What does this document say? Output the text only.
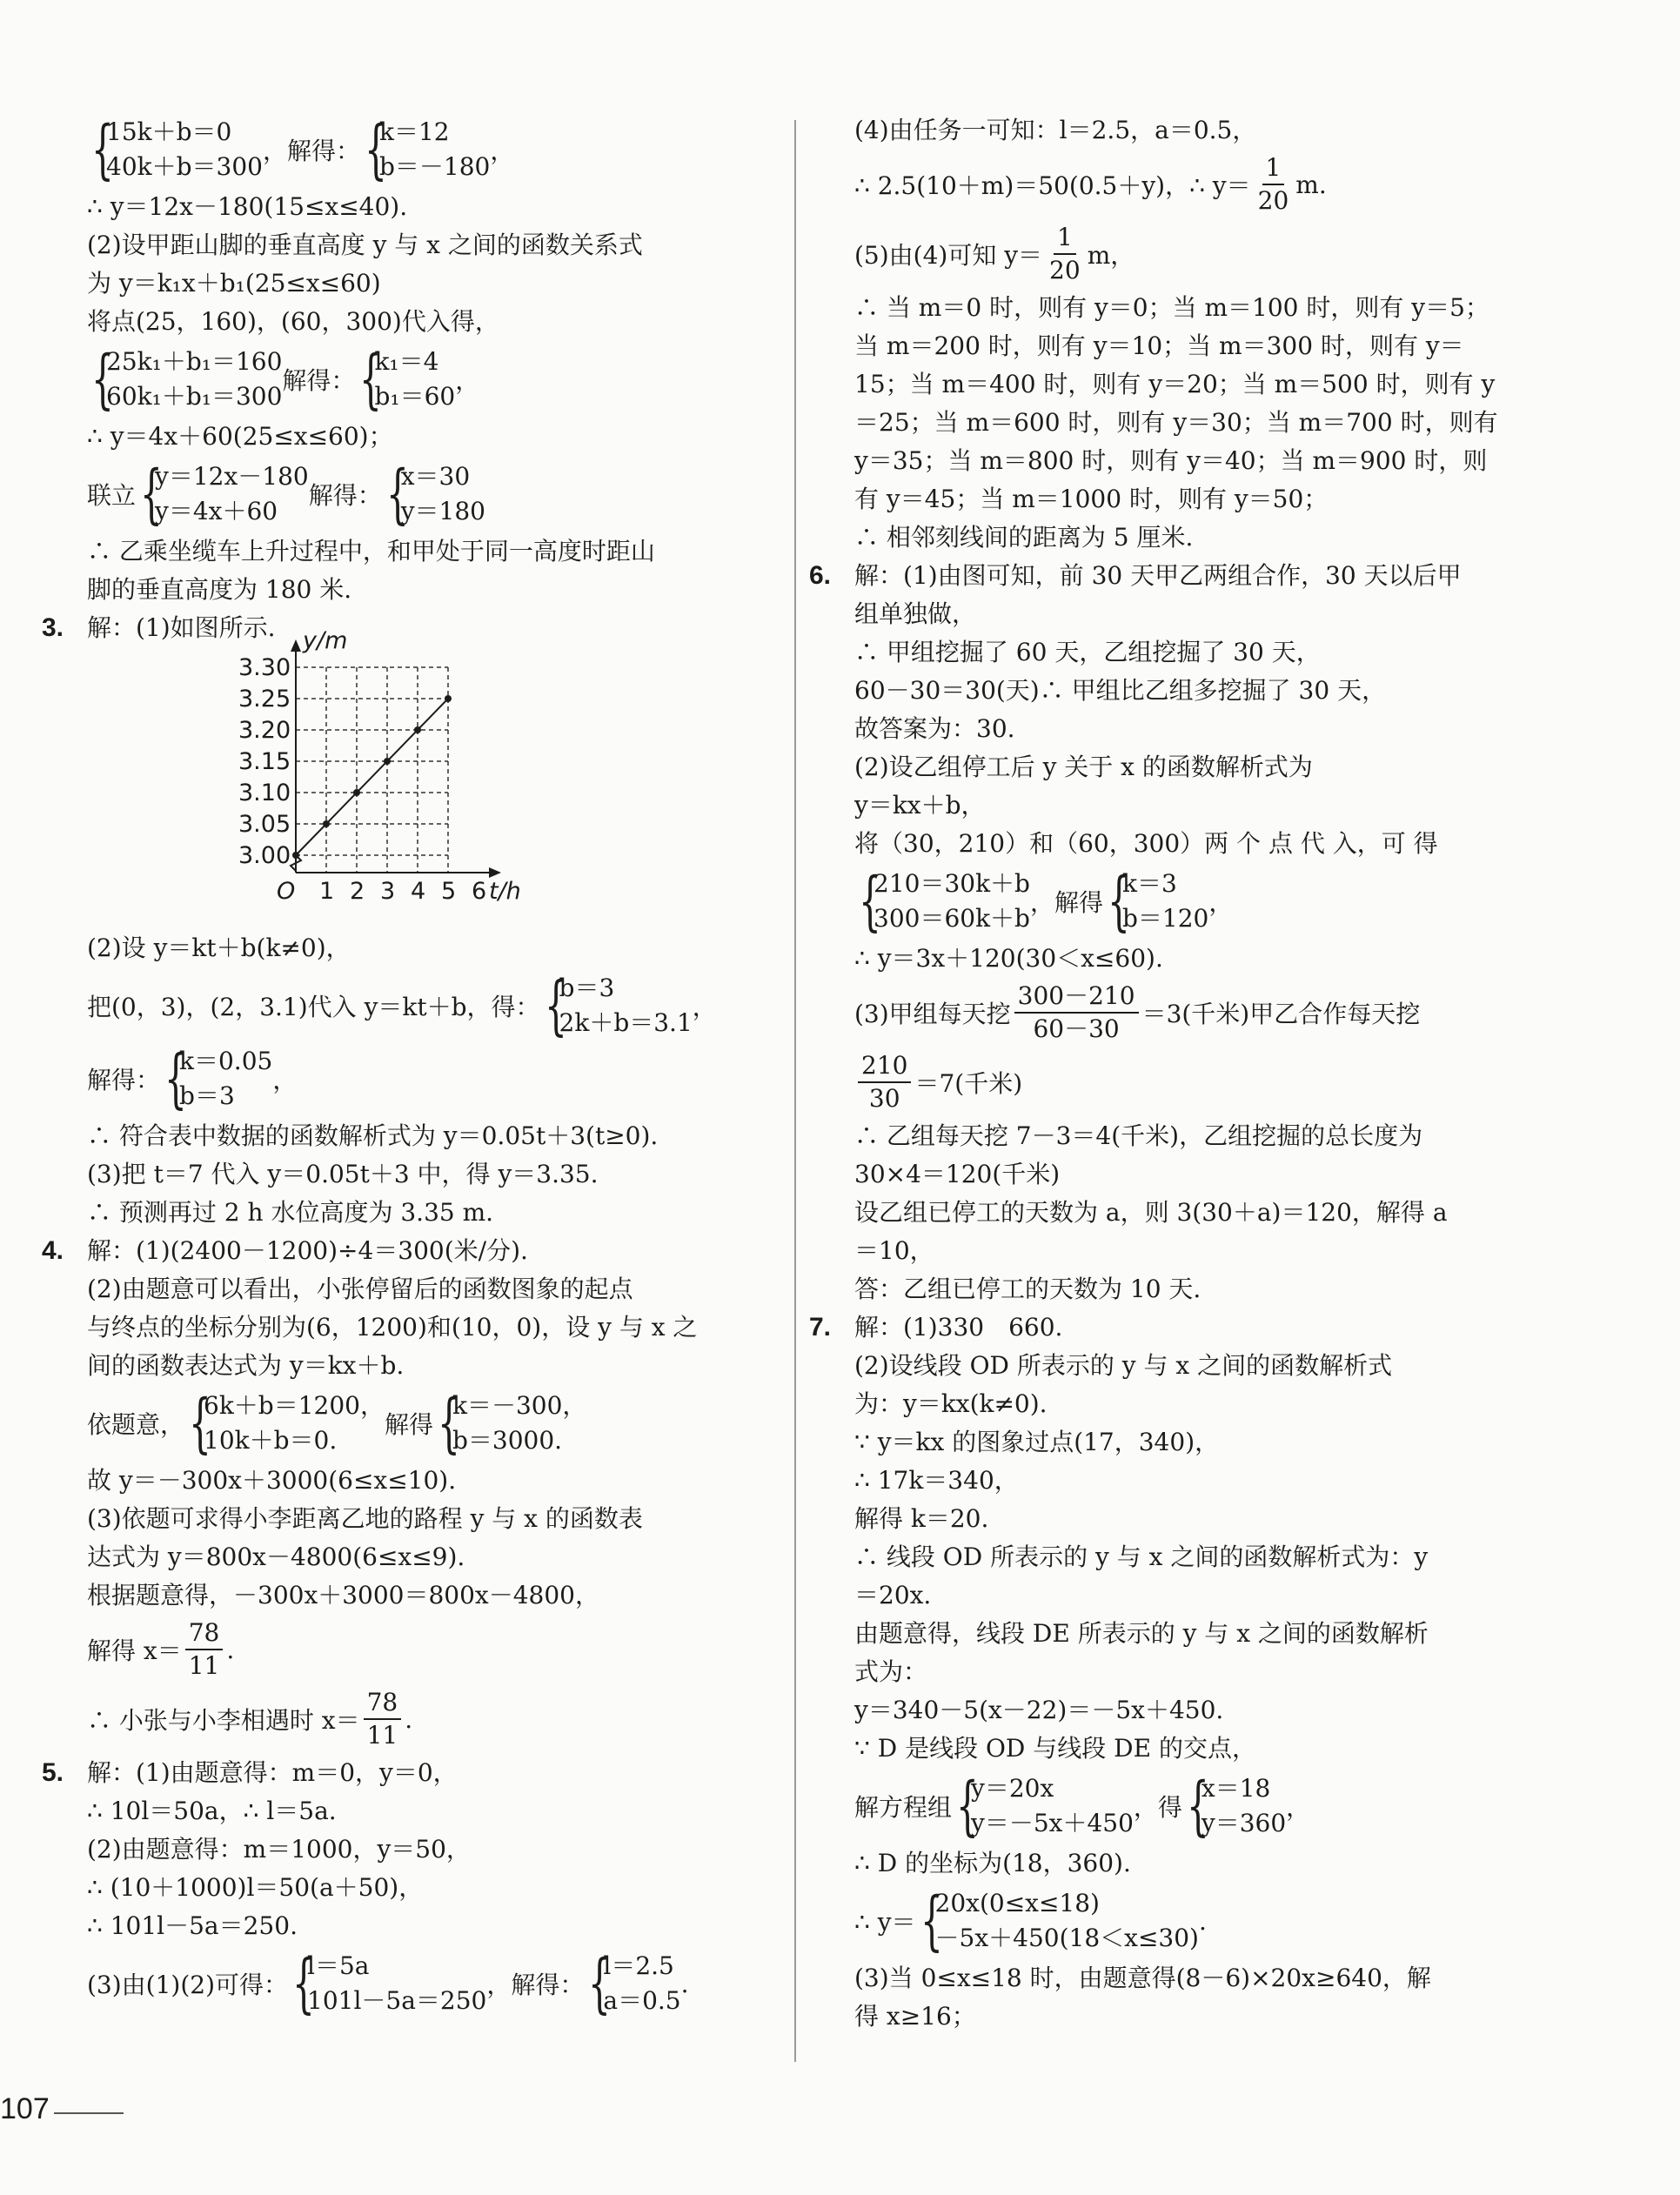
{
15k＋b＝0
40k＋b＝300
，解得： {
k＝12
b＝－180
，
∴ y＝12x－180(15≤x≤40).
(2)设甲距山脚的垂直高度 y 与 x 之间的函数关系式
为 y＝k₁x＋b₁(25≤x≤60)
将点(25，160)，(60，300)代入得，
{
25k₁＋b₁＝160
60k₁＋b₁＝300
解得： {
k₁＝4
b₁＝60
，
∴ y＝4x＋60(25≤x≤60)；
联立 {
y＝12x－180
y＝4x＋60
解得： {
x＝30
y＝180
∴ 乙乘坐缆车上升过程中，和甲处于同一高度时距山
脚的垂直高度为 180 米.
3. 解：(1)如图所示.	y/m
t/h
O 1 2 3 4 5 6
3.00
3.05
3.10
3.15
3.20
3.25
3.30
(2)设 y＝kt＋b(k≠0)，
把(0，3)，(2，3.1)代入 y＝kt＋b，得： {
b＝3
2k＋b＝3.1
，
解得： {
k＝0.05
b＝3
，
∴ 符合表中数据的函数解析式为 y＝0.05t＋3(t≥0).
(3)把 t＝7 代入 y＝0.05t＋3 中，得 y＝3.35.
∴ 预测再过 2 h 水位高度为 3.35 m.
4. 解：(1)(2400－1200)÷4＝300(米/分).
(2)由题意可以看出，小张停留后的函数图象的起点
与终点的坐标分别为(6，1200)和(10，0)，设 y 与 x 之
间的函数表达式为 y＝kx＋b.
依题意， {
6k＋b＝1200，
10k＋b＝0.
解得 {
k＝－300，
b＝3000.
故 y＝－300x＋3000(6≤x≤10).
(3)依题可求得小李距离乙地的路程 y 与 x 的函数表
达式为 y＝800x－4800(6≤x≤9).
根据题意得，－300x＋3000＝800x－4800，
解得 $x= \frac{78}{11}$ .
∴ 小张与小李相遇时 $x= \frac{78}{11}$ .
5. 解：(1)由题意得：m＝0，y＝0，
∴ 10l＝50a，∴ l＝5a.
(2)由题意得：m＝1000，y＝50，
∴ (10＋1000)l＝50(a＋50)，
∴ 101l－5a＝250.
(3)由(1)(2)可得： {
l＝5a
101l－5a＝250
，解得： {
l＝2.5
a＝0.5
.
(4)由任务一可知：l＝2.5，a＝0.5，
∴ 2.5(10＋m)＝50(0.5＋y)，∴ $y= \frac{1}{20} m$.
(5)由(4)可知 $y= \frac{1}{20}$ m，
∴ 当 m＝0 时，则有 y＝0；当 m＝100 时，则有 y＝5；
当 m＝200 时，则有 y＝10；当 m＝300 时，则有 y＝
15；当 m＝400 时，则有 y＝20；当 m＝500 时，则有 y
＝25；当 m＝600 时，则有 y＝30；当 m＝700 时，则有
y＝35；当 m＝800 时，则有 y＝40；当 m＝900 时，则
有 y＝45；当 m＝1000 时，则有 y＝50；
∴ 相邻刻线间的距离为 5 厘米.
6. 解：(1)由图可知，前 30 天甲乙两组合作，30 天以后甲
组单独做，
∴ 甲组挖掘了 60 天，乙组挖掘了 30 天，
60－30＝30(天)∴ 甲组比乙组多挖掘了 30 天，
故答案为：30.
(2)设乙组停工后 y 关于 x 的函数解析式为
y＝kx＋b，
将（30，210）和（60，300）两 个 点 代 入，可 得
{
210＝30k＋b
300＝60k＋b
，解得 {
k＝3
b＝120
，
∴ y＝3x＋120(30＜x≤60).
(3)甲组每天挖 $\frac{300-210}{60-30} =3$(千米)甲乙合作每天挖
$\frac{210}{30} =7$(千米)
∴ 乙组每天挖 7－3＝4(千米)，乙组挖掘的总长度为
30×4＝120(千米)
设乙组已停工的天数为 a，则 3(30＋a)＝120，解得 a
＝10，
答：乙组已停工的天数为 10 天.
7. 解：(1)330　660.
(2)设线段 OD 所表示的 y 与 x 之间的函数解析式
为：y＝kx(k≠0).
∵ y＝kx 的图象过点(17，340)，
∴ 17k＝340，
解得 k＝20.
∴ 线段 OD 所表示的 y 与 x 之间的函数解析式为：y
＝20x.
由题意得，线段 DE 所表示的 y 与 x 之间的函数解析
式为：
y＝340－5(x－22)＝－5x＋450.
∵ D 是线段 OD 与线段 DE 的交点，
解方程组 {
y＝20x
y＝－5x＋450
，得 {
x＝18
y＝360
，
∴ D 的坐标为(18，360).
∴ y＝ {
20x(0≤x≤18)
－5x＋450(18＜x≤30)
.
(3)当 0≤x≤18 时，由题意得(8－6)×20x≥640，解
得 x≥16；
107
